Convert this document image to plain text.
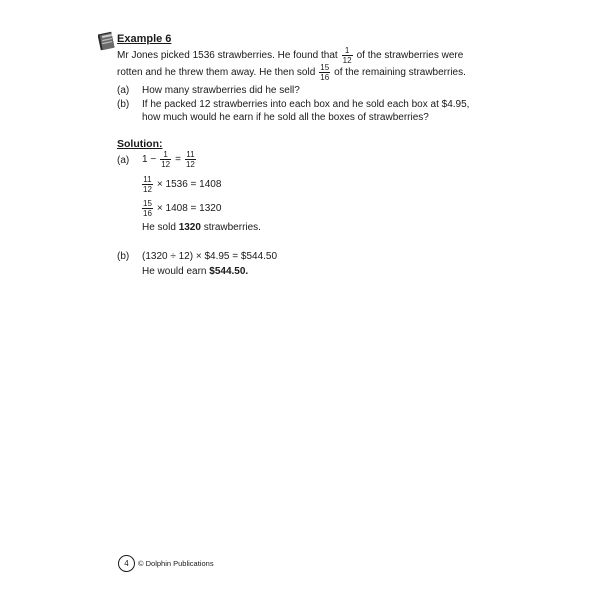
Example 6
Mr Jones picked 1536 strawberries. He found that $\frac{1}{12}$ of the strawberries were
rotten and he threw them away. He then sold $\frac{15}{16}$ of the remaining strawberries.
(a) How many strawberries did he sell?
(b) If he packed 12 strawberries into each box and he sold each box at $4.95,
how much would he earn if he sold all the boxes of strawberries?
Solution:
(a) $1 - \frac{1}{12} = \frac{11}{12}$
$\frac{11}{12} \times 1536 = 1408$
$\frac{15}{16} \times 1408 = 1320$
He sold
1320
strawberries.
(b) (1320 ÷ 12) × $4.95 = $544.50
He would earn
$544.50 .
4	© Dolphin Publications
